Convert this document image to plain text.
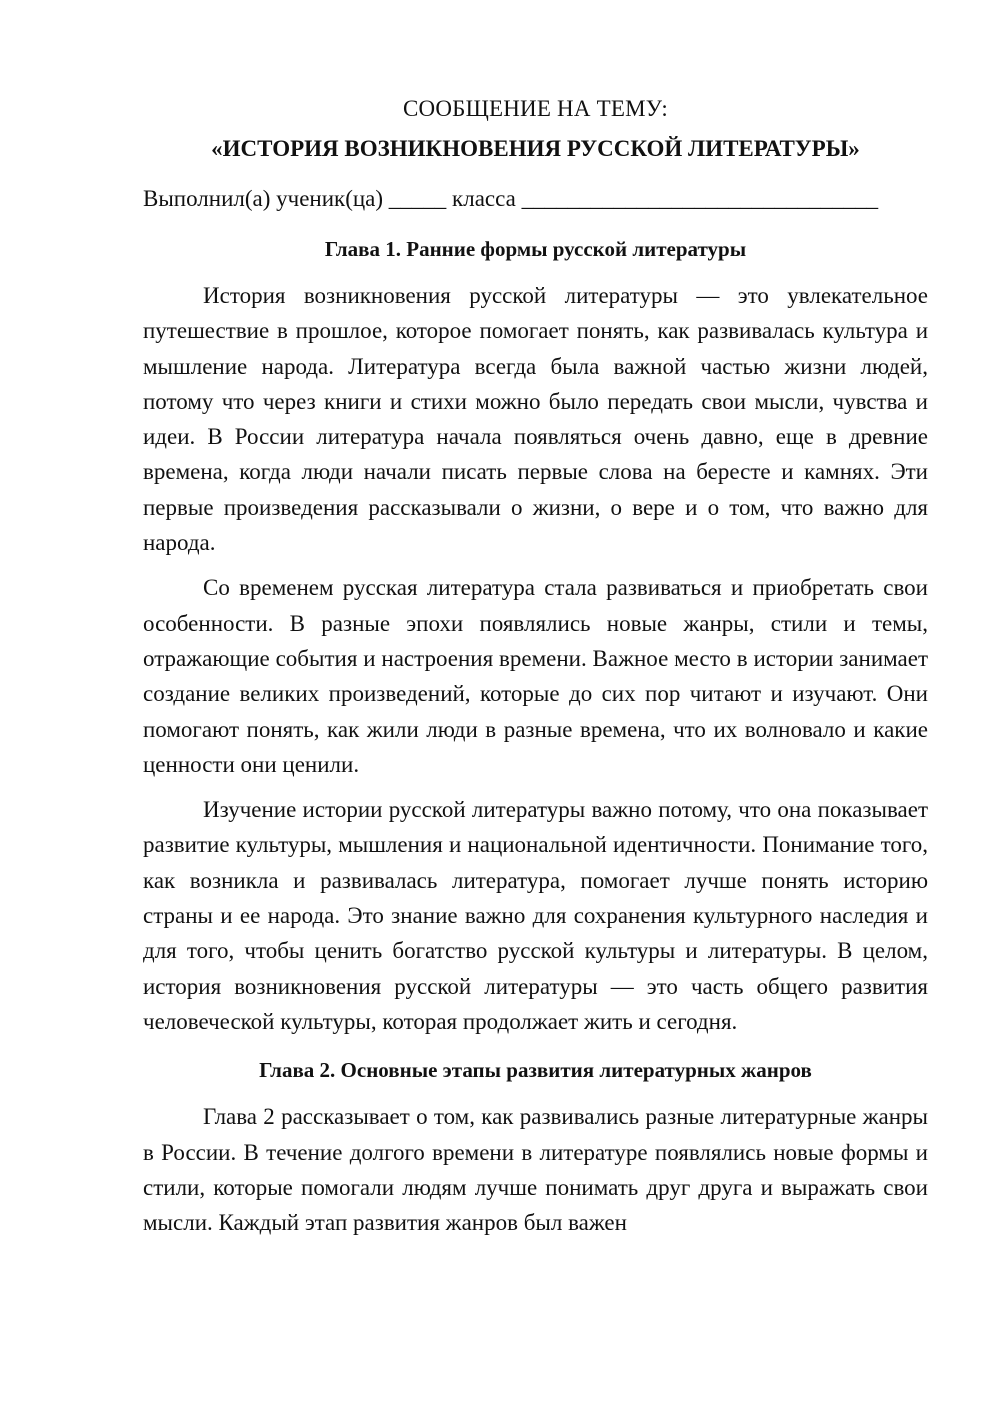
СООБЩЕНИЕ НА ТЕМУ:

«ИСТОРИЯ ВОЗНИКНОВЕНИЯ РУССКОЙ ЛИТЕРАТУРЫ»

Выполнил(а) ученик(ца) _____ класса _______________________________

Глава 1. Ранние формы русской литературы

История возникновения русской литературы — это увлекательное путешествие в прошлое, которое помогает понять, как развивалась культура и мышление народа. Литература всегда была важной частью жизни людей, потому что через книги и стихи можно было передать свои мысли, чувства и идеи. В России литература начала появляться очень давно, еще в древние времена, когда люди начали писать первые слова на бересте и камнях. Эти первые произведения рассказывали о жизни, о вере и о том, что важно для народа.

Со временем русская литература стала развиваться и приобретать свои особенности. В разные эпохи появлялись новые жанры, стили и темы, отражающие события и настроения времени. Важное место в истории занимает создание великих произведений, которые до сих пор читают и изучают. Они помогают понять, как жили люди в разные времена, что их волновало и какие ценности они ценили.

Изучение истории русской литературы важно потому, что она показывает развитие культуры, мышления и национальной идентичности. Понимание того, как возникла и развивалась литература, помогает лучше понять историю страны и ее народа. Это знание важно для сохранения культурного наследия и для того, чтобы ценить богатство русской культуры и литературы. В целом, история возникновения русской литературы — это часть общего развития человеческой культуры, которая продолжает жить и сегодня.

Глава 2. Основные этапы развития литературных жанров

Глава 2 рассказывает о том, как развивались разные литературные жанры в России. В течение долгого времени в литературе появлялись новые формы и стили, которые помогали людям лучше понимать друг друга и выражать свои мысли. Каждый этап развития жанров был важен
